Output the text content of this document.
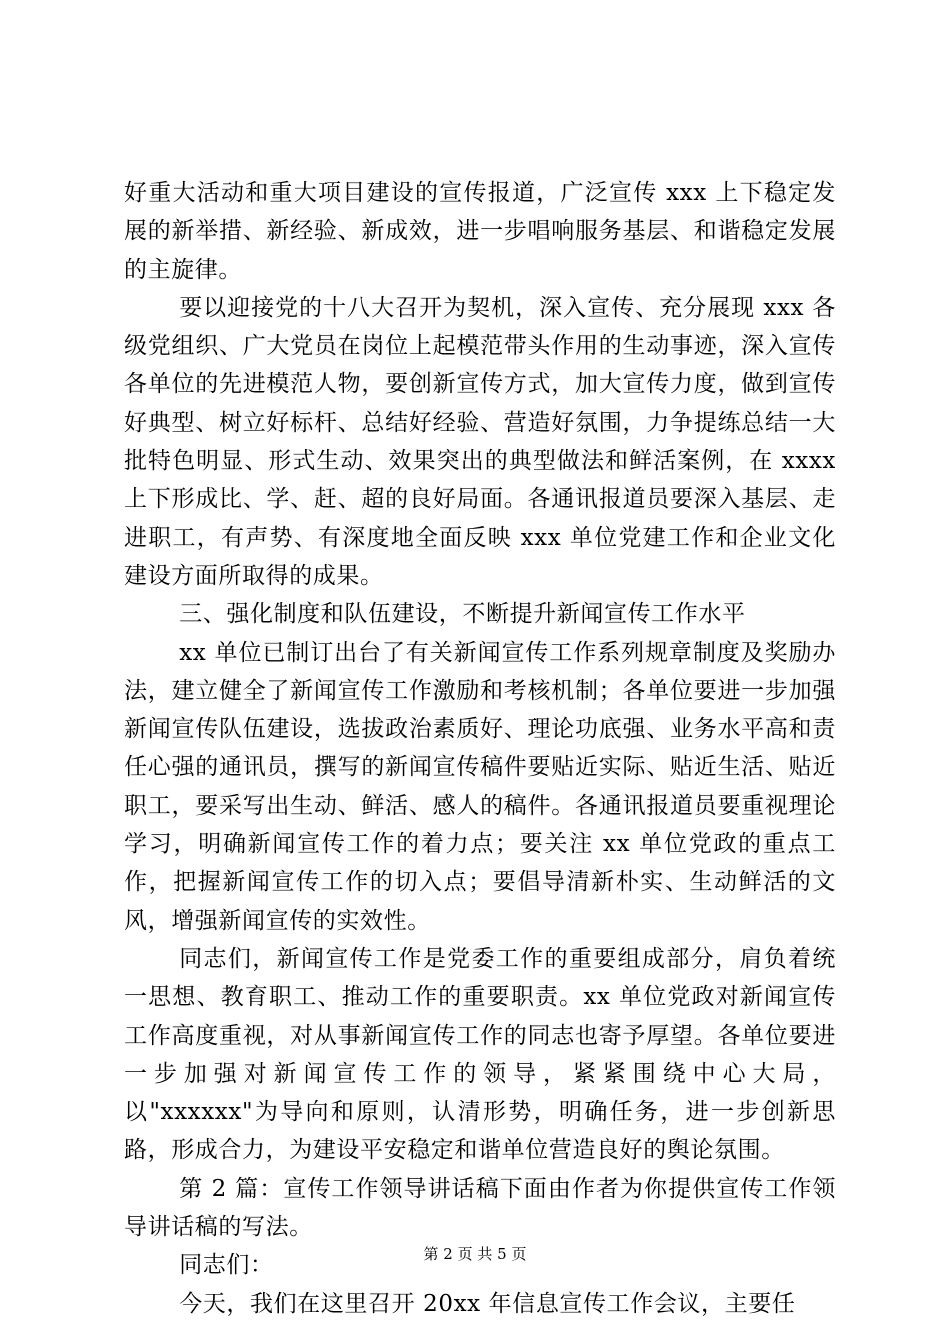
好重大活动和重大项目建设的宣传报道，广泛宣传 xxx 上下稳定发展的新举措、新经验、新成效，进一步唱响服务基层、和谐稳定发展的主旋律。

要以迎接党的十八大召开为契机，深入宣传、充分展现 xxx 各级党组织、广大党员在岗位上起模范带头作用的生动事迹，深入宣传各单位的先进模范人物，要创新宣传方式，加大宣传力度，做到宣传好典型、树立好标杆、总结好经验、营造好氛围，力争提练总结一大批特色明显、形式生动、效果突出的典型做法和鲜活案例，在 xxxx 上下形成比、学、赶、超的良好局面。各通讯报道员要深入基层、走进职工，有声势、有深度地全面反映 xxx 单位党建工作和企业文化建设方面所取得的成果。

三、强化制度和队伍建设，不断提升新闻宣传工作水平

xx 单位已制订出台了有关新闻宣传工作系列规章制度及奖励办法，建立健全了新闻宣传工作激励和考核机制；各单位要进一步加强新闻宣传队伍建设，选拔政治素质好、理论功底强、业务水平高和责任心强的通讯员，撰写的新闻宣传稿件要贴近实际、贴近生活、贴近职工，要采写出生动、鲜活、感人的稿件。各通讯报道员要重视理论学习，明确新闻宣传工作的着力点；要关注 xx 单位党政的重点工作，把握新闻宣传工作的切入点；要倡导清新朴实、生动鲜活的文风，增强新闻宣传的实效性。

同志们，新闻宣传工作是党委工作的重要组成部分，肩负着统一思想、教育职工、推动工作的重要职责。xx 单位党政对新闻宣传工作高度重视，对从事新闻宣传工作的同志也寄予厚望。各单位要进一步加强对新闻宣传工作的领导，紧紧围绕中心大局，以"xxxxxx"为导向和原则，认清形势，明确任务，进一步创新思路，形成合力，为建设平安稳定和谐单位营造良好的舆论氛围。

第 2 篇：宣传工作领导讲话稿下面由作者为你提供宣传工作领导讲话稿的写法。

同志们：

今天，我们在这里召开 20xx 年信息宣传工作会议，主要任

第 2 页 共 5 页
